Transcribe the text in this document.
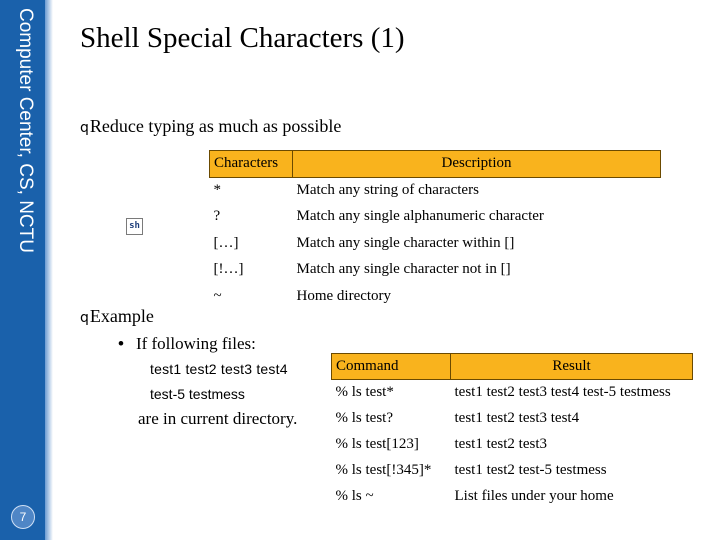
Computer Center, CS, NCTU
7
Shell Special Characters (1)
qReduce typing as much as possible
sh
Characters	Description
*	Match any string of characters
?	Match any single alphanumeric character
[…]	Match any single character within []
[!…]	Match any single character not in []
~	Home directory
qExample
• If following files:
test1 test2 test3 test4
test-5 testmess
are in current directory.
Command	Result
% ls test*	test1 test2 test3 test4 test-5 testmess
% ls test?	test1 test2 test3 test4
% ls test[123]	test1 test2 test3
% ls test[!345]*	test1 test2 test-5 testmess
% ls ~	List files under your home
